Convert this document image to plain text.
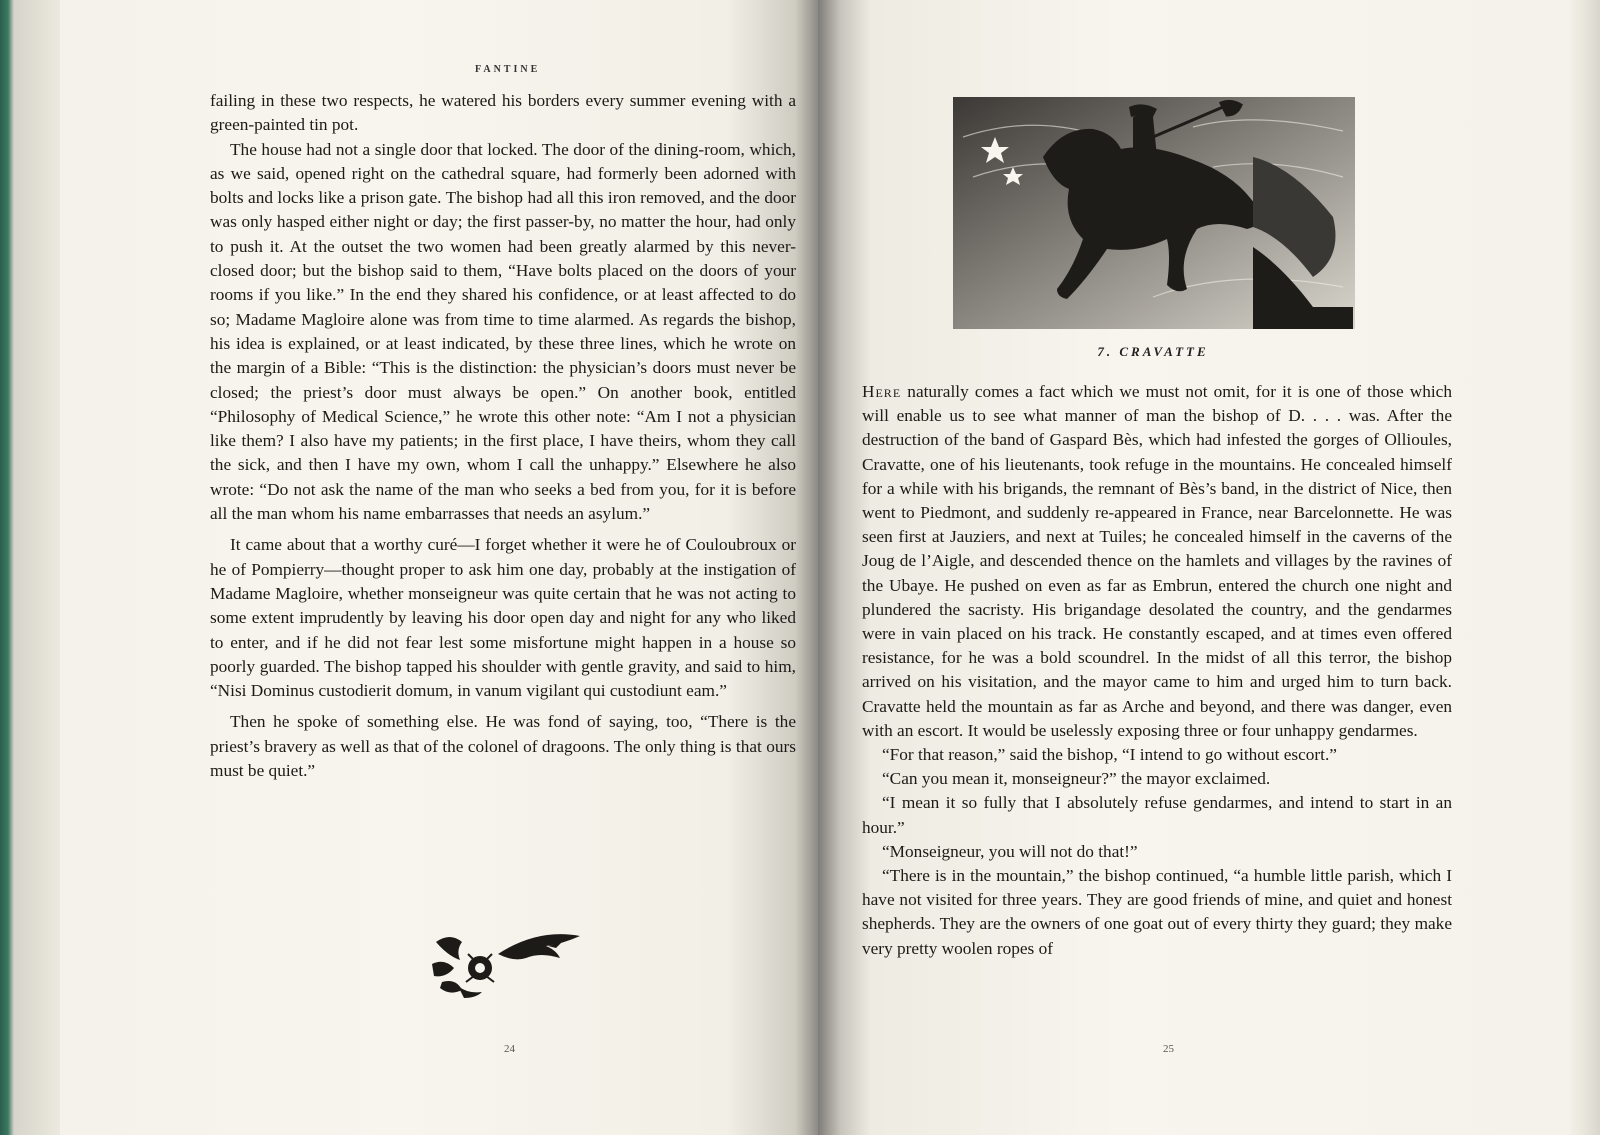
FANTINE

failing in these two respects, he watered his borders every summer evening with a green-painted tin pot.

The house had not a single door that locked. The door of the dining-room, which, as we said, opened right on the cathedral square, had formerly been adorned with bolts and locks like a prison gate. The bishop had all this iron removed, and the door was only hasped either night or day; the first passer-by, no matter the hour, had only to push it. At the outset the two women had been greatly alarmed by this never-closed door; but the bishop said to them, “Have bolts placed on the doors of your rooms if you like.” In the end they shared his confidence, or at least affected to do so; Madame Magloire alone was from time to time alarmed. As regards the bishop, his idea is explained, or at least indicated, by these three lines, which he wrote on the margin of a Bible: “This is the distinction: the physician’s doors must never be closed; the priest’s door must always be open.” On another book, entitled “Philosophy of Medical Science,” he wrote this other note: “Am I not a physician like them? I also have my patients; in the first place, I have theirs, whom they call the sick, and then I have my own, whom I call the unhappy.” Elsewhere he also wrote: “Do not ask the name of the man who seeks a bed from you, for it is before all the man whom his name embarrasses that needs an asylum.”

It came about that a worthy curé—I forget whether it were he of Couloubroux or he of Pompierry—thought proper to ask him one day, probably at the instigation of Madame Magloire, whether monseigneur was quite certain that he was not acting to some extent imprudently by leaving his door open day and night for any who liked to enter, and if he did not fear lest some misfortune might happen in a house so poorly guarded. The bishop tapped his shoulder with gentle gravity, and said to him, “Nisi Dominus custodierit domum, in vanum vigilant qui custodiunt eam.”

Then he spoke of something else. He was fond of saying, too, “There is the priest’s bravery as well as that of the colonel of dragoons. The only thing is that ours must be quiet.”

24
7. CRAVATTE

Here naturally comes a fact which we must not omit, for it is one of those which will enable us to see what manner of man the bishop of D. . . . was. After the destruction of the band of Gaspard Bès, which had infested the gorges of Ollioules, Cravatte, one of his lieutenants, took refuge in the mountains. He concealed himself for a while with his brigands, the remnant of Bès’s band, in the district of Nice, then went to Piedmont, and suddenly re-appeared in France, near Barcelonnette. He was seen first at Jauziers, and next at Tuiles; he concealed himself in the caverns of the Joug de l’Aigle, and descended thence on the hamlets and villages by the ravines of the Ubaye. He pushed on even as far as Embrun, entered the church one night and plundered the sacristy. His brigandage desolated the country, and the gendarmes were in vain placed on his track. He constantly escaped, and at times even offered resistance, for he was a bold scoundrel. In the midst of all this terror, the bishop arrived on his visitation, and the mayor came to him and urged him to turn back. Cravatte held the mountain as far as Arche and beyond, and there was danger, even with an escort. It would be uselessly exposing three or four unhappy gendarmes.

“For that reason,” said the bishop, “I intend to go without escort.”

“Can you mean it, monseigneur?” the mayor exclaimed.

“I mean it so fully that I absolutely refuse gendarmes, and intend to start in an hour.”

“Monseigneur, you will not do that!”

“There is in the mountain,” the bishop continued, “a humble little parish, which I have not visited for three years. They are good friends of mine, and quiet and honest shepherds. They are the owners of one goat out of every thirty they guard; they make very pretty woolen ropes of

25
